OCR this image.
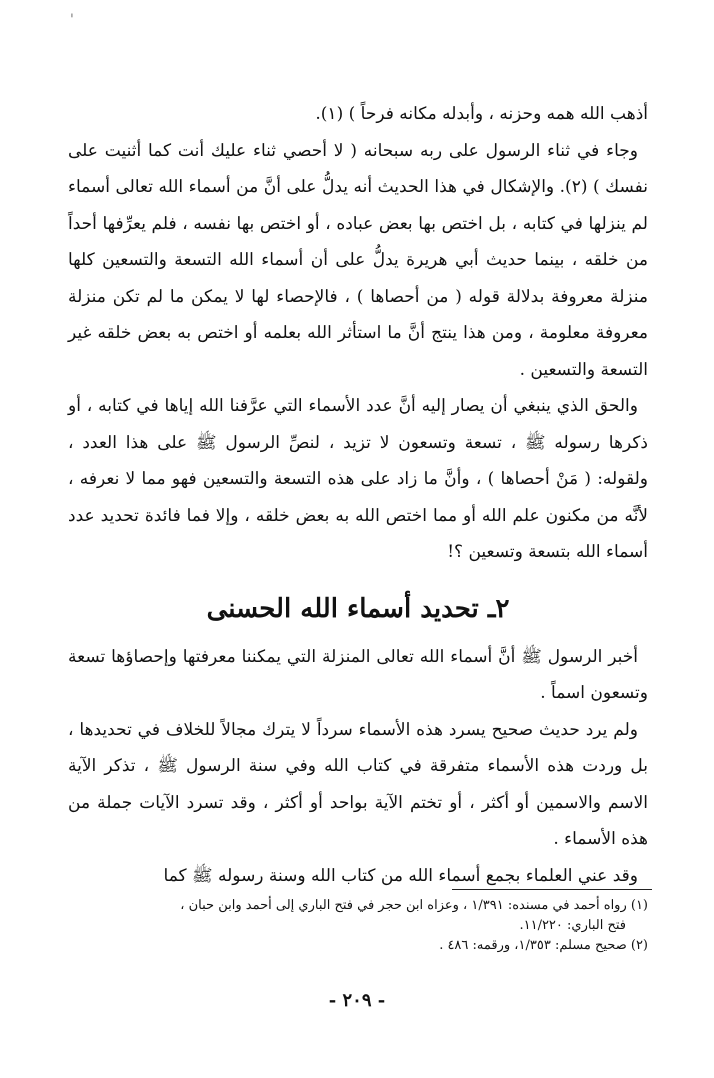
'

أذهب الله همه وحزنه ، وأبدله مكانه فرحاً ) (١).

وجاء في ثناء الرسول على ربه سبحانه ( لا أحصي ثناء عليك أنت كما أثنيت على نفسك ) (٢). والإشكال في هذا الحديث أنه يدلُّ على أنَّ من أسماء الله تعالى أسماء لم ينزلها في كتابه ، بل اختص بها بعض عباده ، أو اختص بها نفسه ، فلم يعرِّفها أحداً من خلقه ، بينما حديث أبي هريرة يدلُّ على أن أسماء الله التسعة والتسعين كلها منزلة معروفة بدلالة قوله ( من أحصاها ) ، فالإحصاء لها لا يمكن ما لم تكن منزلة معروفة معلومة ، ومن هذا ينتج أنَّ ما استأثر الله بعلمه أو اختص به بعض خلقه غير التسعة والتسعين .

والحق الذي ينبغي أن يصار إليه أنَّ عدد الأسماء التي عرَّفنا الله إياها في كتابه ، أو ذكرها رسوله ﷺ ، تسعة وتسعون لا تزيد ، لنصِّ الرسول ﷺ على هذا العدد ، ولقوله: ( مَنْ أحصاها ) ، وأنَّ ما زاد على هذه التسعة والتسعين فهو مما لا نعرفه ، لأنَّه من مكنون علم الله أو مما اختص الله به بعض خلقه ، وإلا فما فائدة تحديد عدد أسماء الله بتسعة وتسعين ؟!

٢ـ تحديد أسماء الله الحسنى

أخبر الرسول ﷺ أنَّ أسماء الله تعالى المنزلة التي يمكننا معرفتها وإحصاؤها تسعة وتسعون اسماً .

ولم يرد حديث صحيح يسرد هذه الأسماء سرداً لا يترك مجالاً للخلاف في تحديدها ، بل وردت هذه الأسماء متفرقة في كتاب الله وفي سنة الرسول ﷺ ، تذكر الآية الاسم والاسمين أو أكثر ، أو تختم الآية بواحد أو أكثر ، وقد تسرد الآيات جملة من هذه الأسماء .

وقد عني العلماء بجمع أسماء الله من كتاب الله وسنة رسوله ﷺ كما

(١) رواه أحمد في مسنده: ١/٣٩١ ، وعزاه ابن حجر في فتح الباري إلى أحمد وابن حبان ،

فتح الباري: ١١/٢٢٠.

(٢) صحيح مسلم: ١/٣٥٣، ورقمه: ٤٨٦ .

- ٢٠٩ -
